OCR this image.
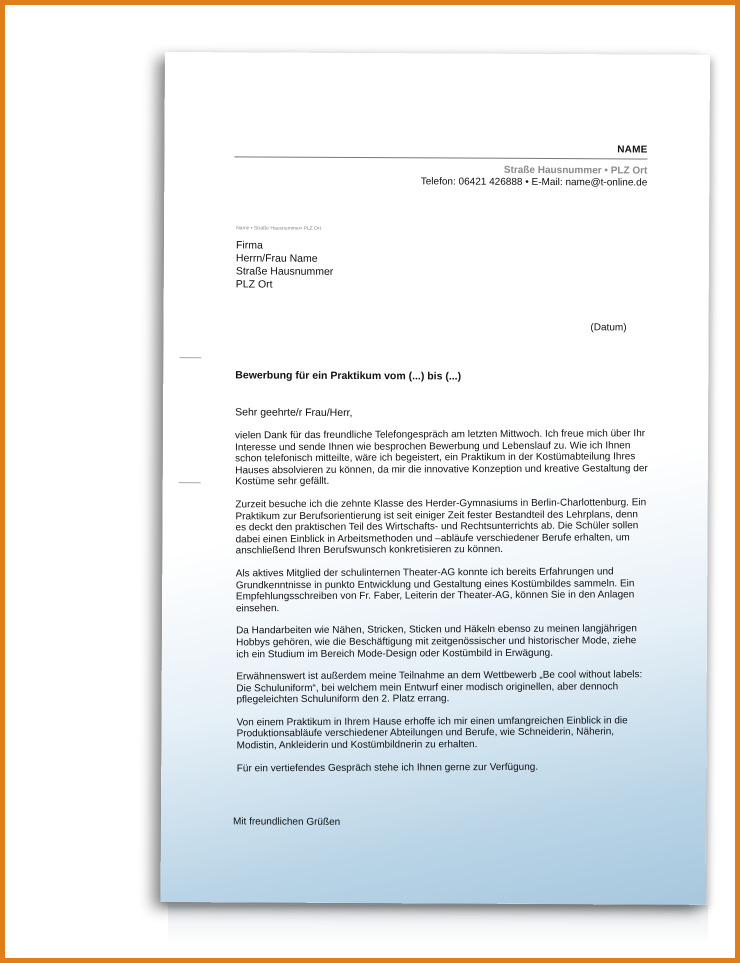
NAME
Straße Hausnummer • PLZ Ort
Telefon: 06421 426888 • E-Mail: name@t-online.de
Name • Straße Hausnummer• PLZ Ort
Firma
Herrn/Frau Name
Straße Hausnummer
PLZ Ort
(Datum)
Bewerbung für ein Praktikum vom (...) bis (...)
Sehr geehrte/r Frau/Herr,

vielen Dank für das freundliche Telefongespräch am letzten Mittwoch. Ich freue mich über Ihr Interesse und sende Ihnen wie besprochen Bewerbung und Lebenslauf zu. Wie ich Ihnen schon telefonisch mitteilte, wäre ich begeistert, ein Praktikum in der Kostümabteilung Ihres Hauses absolvieren zu können, da mir die innovative Konzeption und kreative Gestaltung der Kostüme sehr gefällt.

Zurzeit besuche ich die zehnte Klasse des Herder-Gymnasiums in Berlin-Charlottenburg. Ein Praktikum zur Berufsorientierung ist seit einiger Zeit fester Bestandteil des Lehrplans, denn es deckt den praktischen Teil des Wirtschafts- und Rechtsunterrichts ab. Die Schüler sollen dabei einen Einblick in Arbeitsmethoden und –abläufe verschiedener Berufe erhalten, um anschließend Ihren Berufswunsch konkretisieren zu können.

Als aktives Mitglied der schulinternen Theater-AG konnte ich bereits Erfahrungen und Grundkenntnisse in punkto Entwicklung und Gestaltung eines Kostümbildes sammeln. Ein Empfehlungsschreiben von Fr. Faber, Leiterin der Theater-AG, können Sie in den Anlagen einsehen.

Da Handarbeiten wie Nähen, Stricken, Sticken und Häkeln ebenso zu meinen langjährigen Hobbys gehören, wie die Beschäftigung mit zeitgenössischer und historischer Mode, ziehe ich ein Studium im Bereich Mode-Design oder Kostümbild in Erwägung.

Erwähnenswert ist außerdem meine Teilnahme an dem Wettbewerb „Be cool without labels: Die Schuluniform“, bei welchem mein Entwurf einer modisch originellen, aber dennoch pflegeleichten Schuluniform den 2. Platz errang.

Von einem Praktikum in Ihrem Hause erhoffe ich mir einen umfangreichen Einblick in die Produktionsabläufe verschiedener Abteilungen und Berufe, wie Schneiderin, Näherin, Modistin, Ankleiderin und Kostümbildnerin zu erhalten.

Für ein vertiefendes Gespräch stehe ich Ihnen gerne zur Verfügung.

Mit freundlichen Grüßen
